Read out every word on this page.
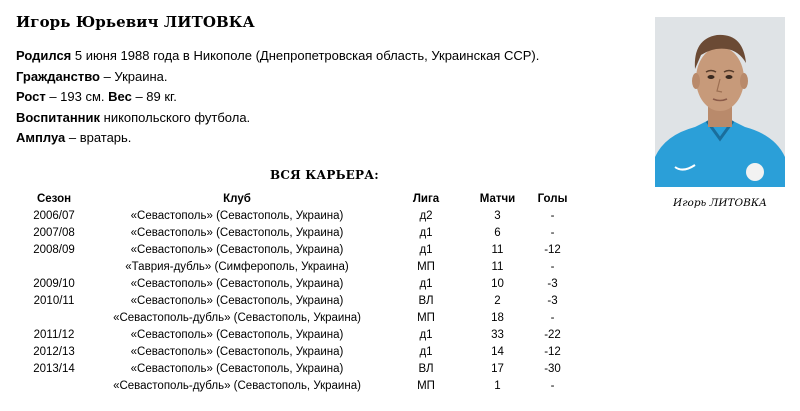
Игорь Юрьевич ЛИТОВКА
Родился 5 июня 1988 года в Никополе (Днепропетровская область, Украинская ССР).
Гражданство – Украина.
Рост – 193 см. Вес – 89 кг.
Воспитанник никопольского футбола.
Амплуа – вратарь.
ВСЯ КАРЬЕРА:
Сезон	Клуб	Лига	Матчи	Голы
2006/07	«Севастополь» (Севастополь, Украина)	д2	3	-
2007/08	«Севастополь» (Севастополь, Украина)	д1	6	-
2008/09	«Севастополь» (Севастополь, Украина)	д1	11	-12
	«Таврия-дубль» (Симферополь, Украина)	МП	11	-
2009/10	«Севастополь» (Севастополь, Украина)	д1	10	-3
2010/11	«Севастополь» (Севастополь, Украина)	ВЛ	2	-3
	«Севастополь-дубль» (Севастополь, Украина)	МП	18	-
2011/12	«Севастополь» (Севастополь, Украина)	д1	33	-22
2012/13	«Севастополь» (Севастополь, Украина)	д1	14	-12
2013/14	«Севастополь» (Севастополь, Украина)	ВЛ	17	-30
	«Севастополь-дубль» (Севастополь, Украина)	МП	1	-
Игорь ЛИТОВКА
